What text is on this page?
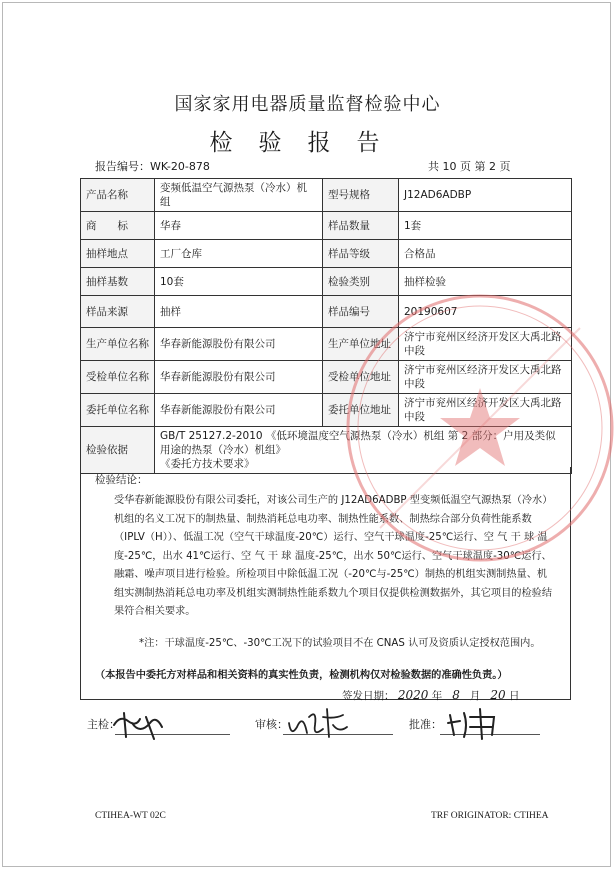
国家家用电器质量监督检验中心
检验报告
报告编号：WK-20-878	共 10 页 第 2 页
产品名称	变频低温空气源热泵（冷水）机组	型号规格	J12AD6ADBP
商　　标	华春	样品数量	1套
抽样地点	工厂仓库	样品等级	合格品
抽样基数	10套	检验类别	抽样检验
样品来源	抽样	样品编号	20190607
生产单位名称	华春新能源股份有限公司	生产单位地址	济宁市兖州区经济开发区大禹北路中段
受检单位名称	华春新能源股份有限公司	受检单位地址	济宁市兖州区经济开发区大禹北路中段
委托单位名称	华春新能源股份有限公司	委托单位地址	济宁市兖州区经济开发区大禹北路中段
检验依据	GB/T 25127.2-2010 《低环境温度空气源热泵（冷水）机组 第 2 部分：户用及类似用途的热泵（冷水）机组》
《委托方技术要求》		
检验结论：
受华春新能源股份有限公司委托，对该公司生产的 J12AD6ADBP 型变频低温空气源热泵（冷水）机组的名义工况下的制热量、制热消耗总电功率、制热性能系数、制热综合部分负荷性能系数（IPLV（H））、低温工况（空气干球温度-20℃）运行、空气干球温度-25℃运行、空 气 干 球 温度-25℃，出水 41℃运行、空 气 干 球 温度-25℃，出水 50℃运行、空气干球温度-30℃运行、融霜、噪声项目进行检验。所检项目中除低温工况（-20℃与-25℃）制热的机组实测制热量、机组实测制热消耗总电功率及机组实测制热性能系数九个项目仅提供检测数据外，其它项目的检验结果符合相关要求。
*注：干球温度-25℃、-30℃工况下的试验项目不在 CNAS 认可及资质认定授权范围内。
（本报告中委托方对样品和相关资料的真实性负责，检测机构仅对检验数据的准确性负责。）
签发日期： 2020 年 8 月 20 日
主检：	审核：	批准：
CTIHEA-WT 02C	TRF ORIGINATOR: CTIHEA
